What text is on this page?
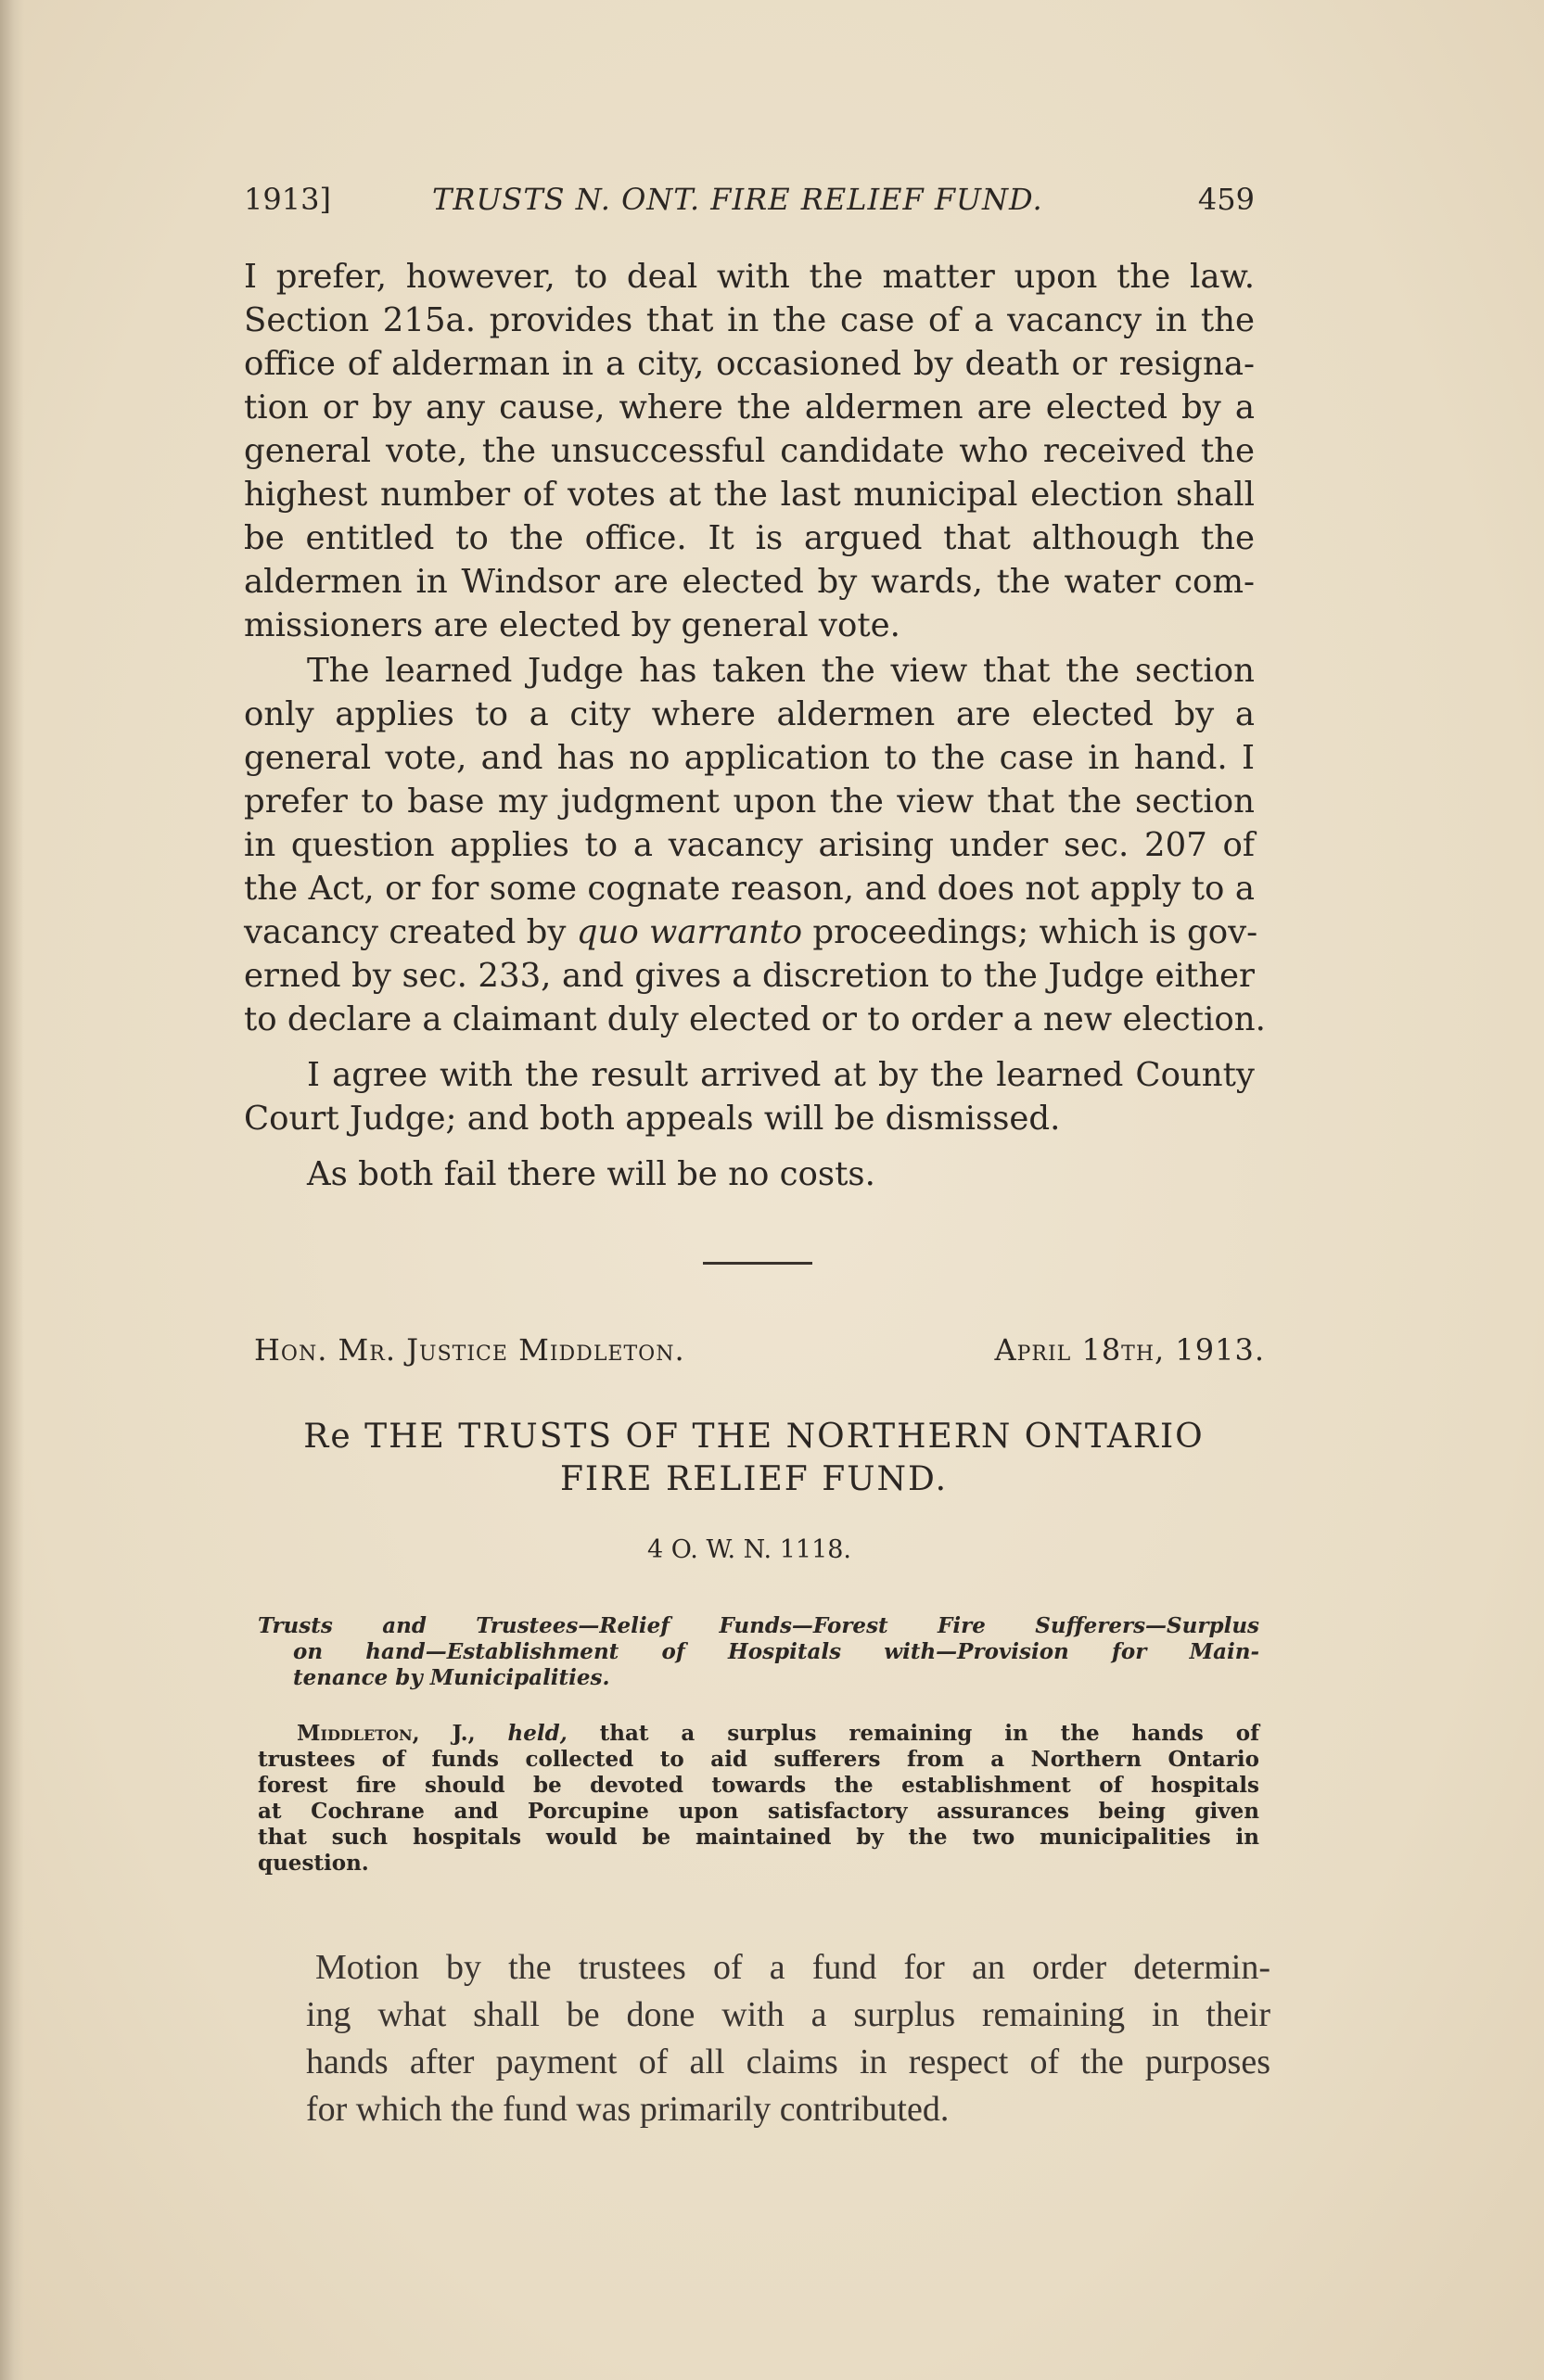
1913]	TRUSTS N. ONT. FIRE RELIEF FUND.	459
I prefer, however, to deal with the matter upon the law.
Section 215a. provides that in the case of a vacancy in the
office of alderman in a city, occasioned by death or resigna-
tion or by any cause, where the aldermen are elected by a
general vote, the unsuccessful candidate who received the
highest number of votes at the last municipal election shall
be entitled to the office. It is argued that although the
aldermen in Windsor are elected by wards, the water com-
missioners are elected by general vote.
The learned Judge has taken the view that the section
only applies to a city where aldermen are elected by a
general vote, and has no application to the case in hand. I
prefer to base my judgment upon the view that the section
in question applies to a vacancy arising under sec. 207 of
the Act, or for some cognate reason, and does not apply to a
vacancy created by quo warranto proceedings; which is gov-
erned by sec. 233, and gives a discretion to the Judge either
to declare a claimant duly elected or to order a new election.
I agree with the result arrived at by the learned County
Court Judge; and both appeals will be dismissed.
As both fail there will be no costs.
Hon. Mr. Justice Middleton.	April 18th, 1913.
Re THE TRUSTS OF THE NORTHERN ONTARIO
FIRE RELIEF FUND.
4 O. W. N. 1118.
Trusts and Trustees—Relief Funds—Forest Fire Sufferers—Surplus
on hand—Establishment of Hospitals with—Provision for Main-
tenance by Municipalities.
Middleton, J., held, that a surplus remaining in the hands of
trustees of funds collected to aid sufferers from a Northern Ontario
forest fire should be devoted towards the establishment of hospitals
at Cochrane and Porcupine upon satisfactory assurances being given
that such hospitals would be maintained by the two municipalities in
question.
Motion by the trustees of a fund for an order determin-
ing what shall be done with a surplus remaining in their
hands after payment of all claims in respect of the purposes
for which the fund was primarily contributed.
